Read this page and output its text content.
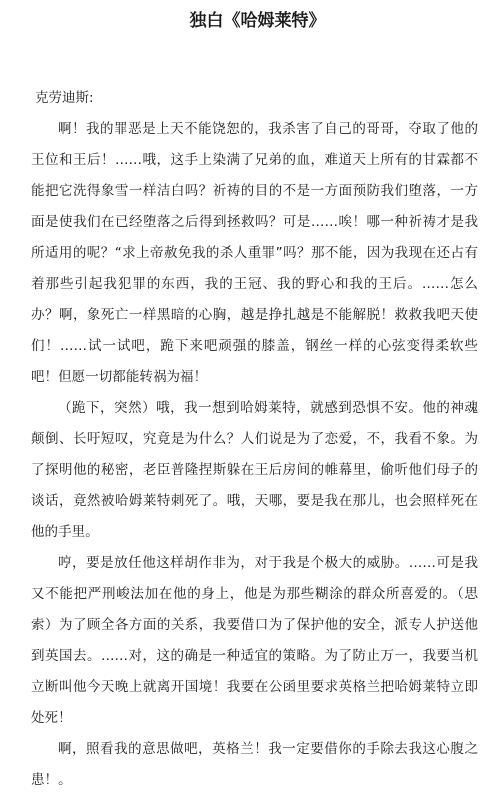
独白《哈姆莱特》
克劳迪斯:

啊！我的罪恶是上天不能饶恕的，我杀害了自己的哥哥，夺取了他的王位和王后！……哦，这手上染满了兄弟的血，难道天上所有的甘霖都不能把它洗得象雪一样洁白吗？祈祷的目的不是一方面预防我们堕落，一方面是使我们在已经堕落之后得到拯救吗？可是……唉！哪一种祈祷才是我所适用的呢？“求上帝赦免我的杀人重罪”吗？那不能，因为我现在还占有着那些引起我犯罪的东西，我的王冠、我的野心和我的王后。……怎么办？啊，象死亡一样黑暗的心胸，越是挣扎越是不能解脱！救救我吧天使们！……试一试吧，跪下来吧顽强的膝盖，钢丝一样的心弦变得柔软些吧！但愿一切都能转祸为福！

（跪下，突然）哦，我一想到哈姆莱特，就感到恐惧不安。他的神魂颠倒、长吁短叹，究竟是为什么？人们说是为了恋爱，不，我看不象。为了探明他的秘密，老臣普隆捏斯躲在王后房间的帷幕里，偷听他们母子的谈话，竟然被哈姆莱特刺死了。哦，天哪，要是我在那儿，也会照样死在他的手里。

哼，要是放任他这样胡作非为，对于我是个极大的威胁。……可是我又不能把严刑峻法加在他的身上，他是为那些糊涂的群众所喜爱的。（思索）为了顾全各方面的关系，我要借口为了保护他的安全，派专人护送他到英国去。……对，这的确是一种适宜的策略。为了防止万一，我要当机立断叫他今天晚上就离开国境！我要在公函里要求英格兰把哈姆莱特立即处死！

啊，照看我的意思做吧，英格兰！我一定要借你的手除去我这心腹之患！。
